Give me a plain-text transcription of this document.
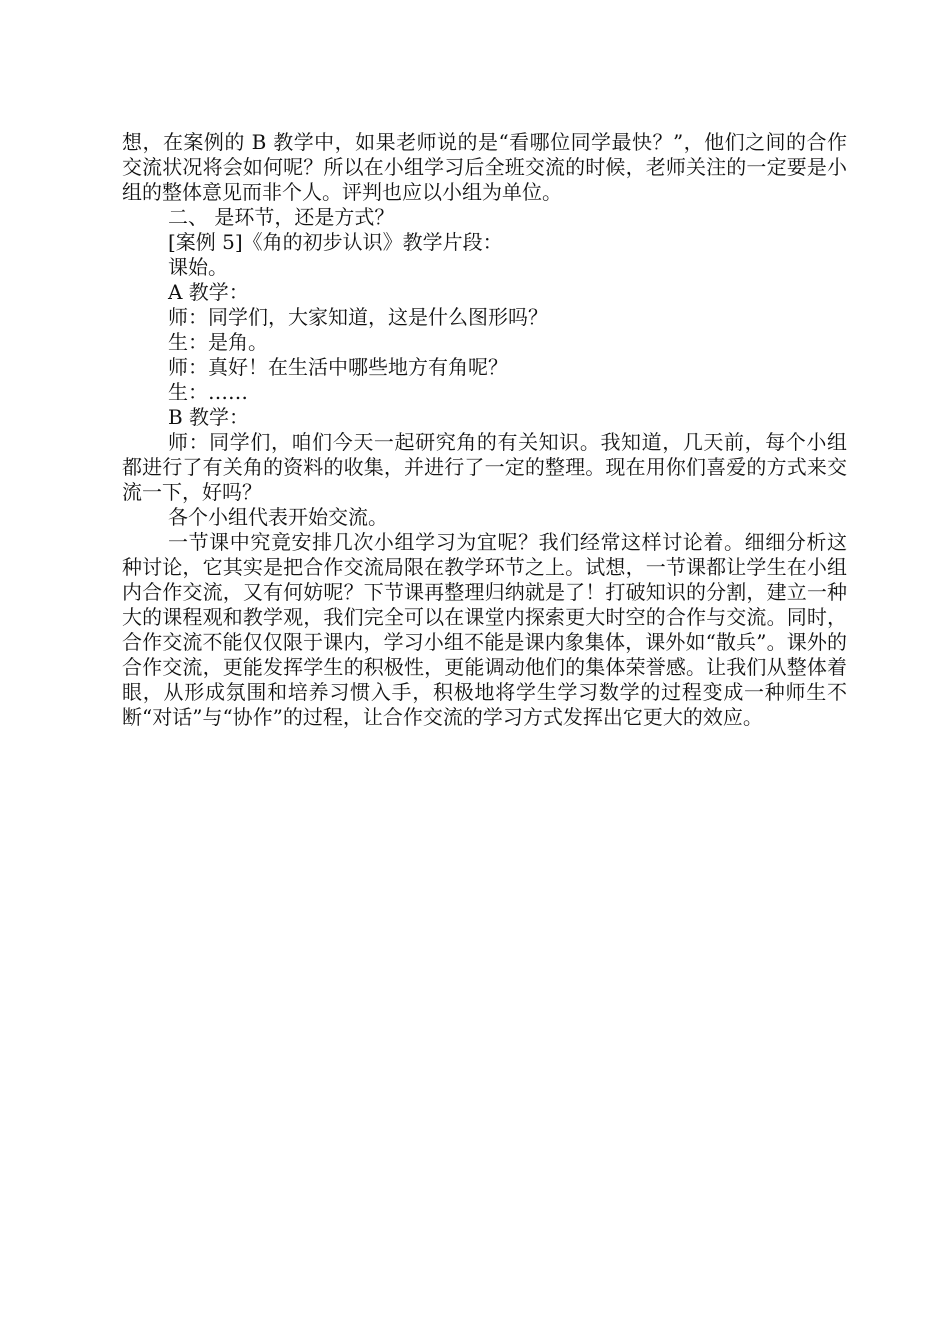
想，在案例的 B 教学中，如果老师说的是“看哪位同学最快？”，他们之间的合作交流状况将会如何呢？所以在小组学习后全班交流的时候，老师关注的一定要是小组的整体意见而非个人。评判也应以小组为单位。

二、 是环节，还是方式？

[案例 5]《角的初步认识》教学片段：

课始。

A 教学：

师：同学们，大家知道，这是什么图形吗？

生：是角。

师：真好！在生活中哪些地方有角呢？

生：……

B 教学：

师：同学们，咱们今天一起研究角的有关知识。我知道，几天前，每个小组都进行了有关角的资料的收集，并进行了一定的整理。现在用你们喜爱的方式来交流一下，好吗？

各个小组代表开始交流。

一节课中究竟安排几次小组学习为宜呢？我们经常这样讨论着。细细分析这种讨论，它其实是把合作交流局限在教学环节之上。试想，一节课都让学生在小组内合作交流，又有何妨呢？下节课再整理归纳就是了！打破知识的分割，建立一种大的课程观和教学观，我们完全可以在课堂内探索更大时空的合作与交流。同时，合作交流不能仅仅限于课内，学习小组不能是课内象集体，课外如“散兵”。课外的合作交流，更能发挥学生的积极性，更能调动他们的集体荣誉感。让我们从整体着眼，从形成氛围和培养习惯入手，积极地将学生学习数学的过程变成一种师生不断“对话”与“协作”的过程，让合作交流的学习方式发挥出它更大的效应。
